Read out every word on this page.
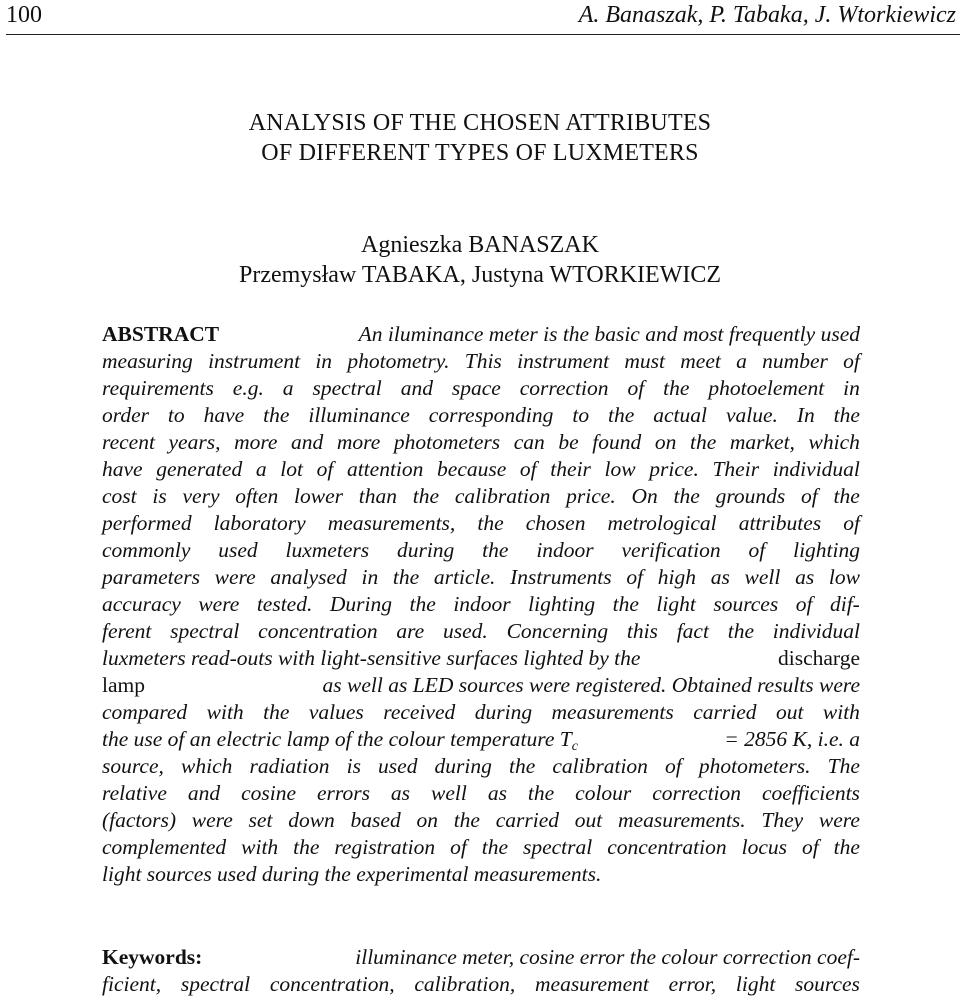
100	A. Banaszak, P. Tabaka, J. Wtorkiewicz
ANALYSIS OF THE CHOSEN ATTRIBUTES
OF DIFFERENT TYPES OF LUXMETERS
Agnieszka BANASZAK
Przemysław TABAKA, Justyna WTORKIEWICZ
ABSTRACT	An iluminance meter is the basic and most frequently used
measuring instrument in photometry. This instrument must meet a number of
requirements e.g. a spectral and space correction of the photoelement in
order to have the illuminance corresponding to the actual value. In the
recent years, more and more photometers can be found on the market, which
have generated a lot of attention because of their low price. Their individual
cost is very often lower than the calibration price. On the grounds of the
performed laboratory measurements, the chosen metrological attributes of
commonly used luxmeters during the indoor verification of lighting
parameters were analysed in the article. Instruments of high as well as low
accuracy were tested. During the indoor lighting the light sources of dif-
ferent spectral concentration are used. Concerning this fact the individual
luxmeters read-outs with light-sensitive surfaces lighted by the	discharge
lamp	as well as LED sources were registered. Obtained results were
compared with the values received during measurements carried out with
the use of an electric lamp of the colour temperature $T_c$	= 2856 K, i.e. a
source, which radiation is used during the calibration of photometers. The
relative and cosine errors as well as the colour correction coefficients
(factors) were set down based on the carried out measurements. They were
complemented with the registration of the spectral concentration locus of the
light sources used during the experimental measurements.
Keywords:	illuminance meter, cosine error the colour correction coef-
ficient, spectral concentration, calibration, measurement error, light sources
